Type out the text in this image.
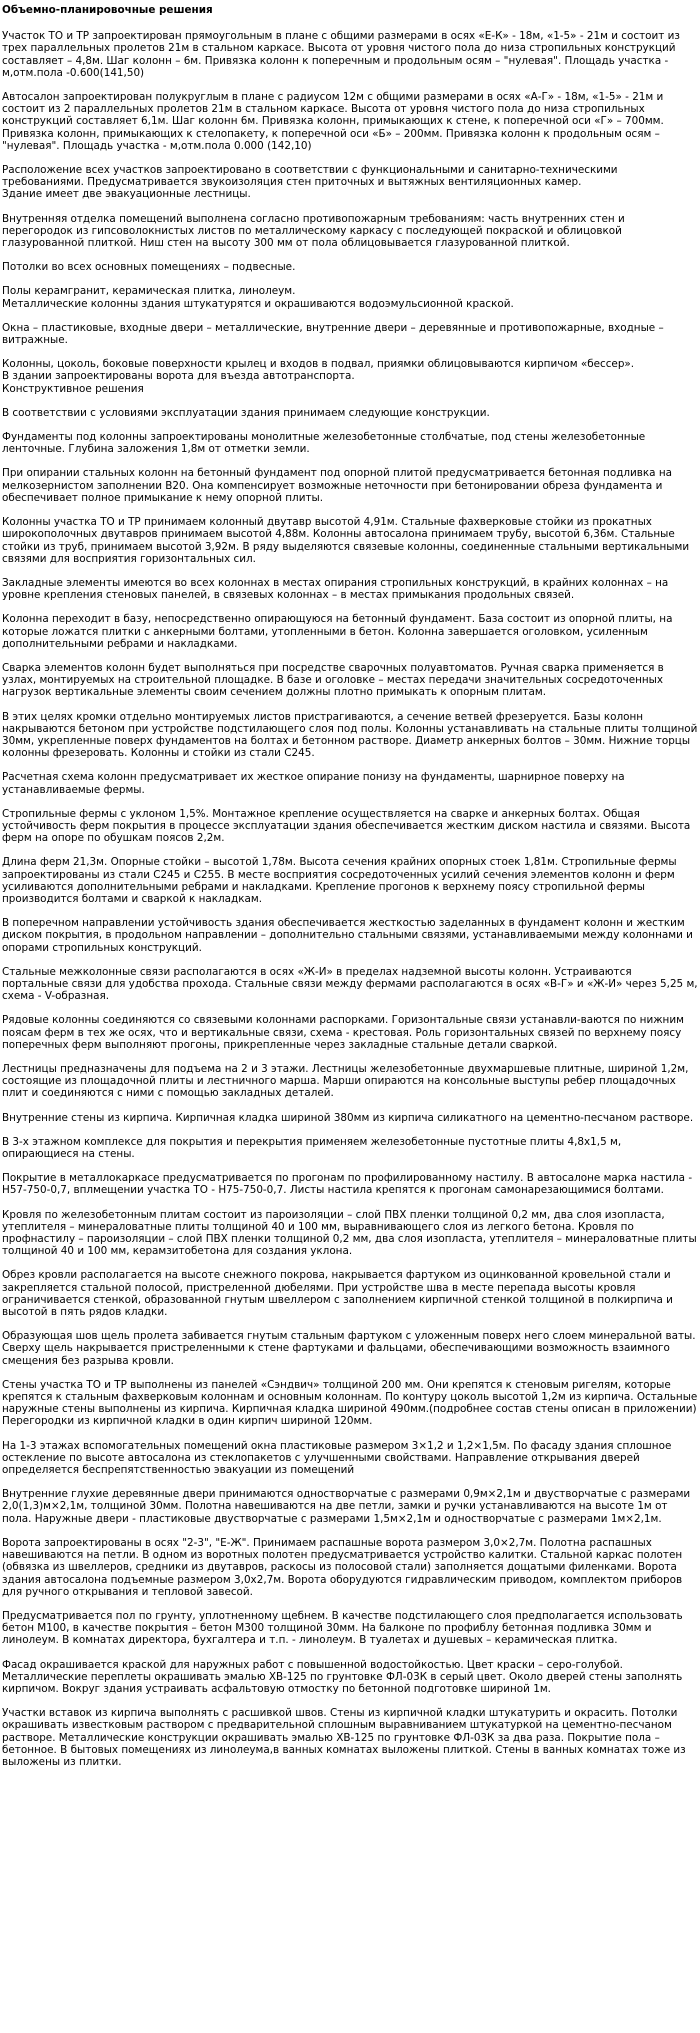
Объемно-планировочные решения

Участок ТО и ТР запроектирован прямоугольным в плане с общими размерами в осях «Е-К» - 18м, «1-5» - 21м и состоит из трех параллельных пролетов 21м в стальном каркасе. Высота от уровня чистого пола до низа стропильных конструкций составляет – 4,8м. Шаг колонн – 6м. Привязка колонн к поперечным и продольным осям – "нулевая". Площадь участка - м,отм.пола -0.600(141,50)

Автосалон запроектирован полукруглым в плане с радиусом 12м с общими размерами в осях «А-Г» - 18м, «1-5» - 21м и состоит из 2 параллельных пролетов 21м в стальном каркасе. Высота от уровня чистого пола до низа стропильных конструкций составляет 6,1м. Шаг колонн 6м. Привязка колонн, примыкающих к стене, к поперечной оси «Г» – 700мм. Привязка колонн, примыкающих к стелопакету, к поперечной оси «Б» – 200мм. Привязка колонн к продольным осям – "нулевая". Площадь участка - м,отм.пола 0.000 (142,10)

Расположение всех участков запроектировано в соответствии с функциональными и санитарно-техническими требованиями. Предусматривается звукоизоляция стен приточных и вытяжных вентиляционных камер.
Здание имеет две эвакуационные лестницы.

Внутренняя отделка помещений выполнена согласно противопожарным требованиям: часть внутренних стен и перегородок из гипсоволокнистых листов по металлическому каркасу с последующей покраской и облицовкой глазурованной плиткой. Ниш стен на высоту 300 мм от пола облицовывается глазурованной плиткой.

Потолки во всех основных помещениях – подвесные.

Полы керамгранит, керамическая плитка, линолеум.
Металлические колонны здания штукатурятся и окрашиваются водоэмульсионной краской.

Окна – пластиковые, входные двери – металлические, внутренние двери – деревянные и противопожарные, входные – витражные.

Колонны, цоколь, боковые поверхности крылец и входов в подвал, приямки облицовываются кирпичом «бессер».
В здании запроектированы ворота для въезда автотранспорта.
Конструктивное решения

В соответствии с условиями эксплуатации здания принимаем следующие конструкции.

Фундаменты под колонны запроектированы монолитные железобетонные столбчатые, под стены железобетонные ленточные. Глубина заложения 1,8м от отметки земли.

При опирании стальных колонн на бетонный фундамент под опорной плитой предусматривается бетонная подливка на мелкозернистом заполнении В20. Она компенсирует возможные неточности при бетонировании обреза фундамента и обеспечивает полное примыкание к нему опорной плиты.

Колонны участка ТО и ТР принимаем колонный двутавр высотой 4,91м. Стальные фахверковые стойки из прокатных широкополочных двутавров принимаем высотой 4,88м. Колонны автосалона принимаем трубу, высотой 6,36м. Стальные стойки из труб, принимаем высотой 3,92м. В ряду выделяются связевые колонны, соединенные стальными вертикальными связями для восприятия горизонтальных сил.

Закладные элементы имеются во всех колоннах в местах опирания стропильных конструкций, в крайних колоннах – на уровне крепления стеновых панелей, в связевых колоннах – в местах примыкания продольных связей.

Колонна переходит в базу, непосредственно опирающуюся на бетонный фундамент. База состоит из опорной плиты, на которые ложатся плитки с анкерными болтами, утопленными в бетон. Колонна завершается оголовком, усиленным дополнительными ребрами и накладками.

Сварка элементов колонн будет выполняться при посредстве сварочных полуавтоматов. Ручная сварка применяется в узлах, монтируемых на строительной площадке. В базе и оголовке – местах передачи значительных сосредоточенных нагрузок вертикальные элементы своим сечением должны плотно примыкать к опорным плитам.

В этих целях кромки отдельно монтируемых листов пристрагиваются, а сечение ветвей фрезеруется. Базы колонн накрываются бетоном при устройстве подстилающего слоя под полы. Колонны устанавливать на стальные плиты толщиной 30мм, укрепленные поверх фундаментов на болтах и бетонном растворе. Диаметр анкерных болтов – 30мм. Нижние торцы колонны фрезеровать. Колонны и стойки из стали С245.

Расчетная схема колонн предусматривает их жесткое опирание понизу на фундаменты, шарнирное поверху на устанавливаемые фермы.

Стропильные фермы с уклоном 1,5%. Монтажное крепление осуществляется на сварке и анкерных болтах. Общая устойчивость ферм покрытия в процессе эксплуатации здания обеспечивается жестким диском настила и связями. Высота ферм на опоре по обушкам поясов 2,2м.

Длина ферм 21,3м. Опорные стойки – высотой 1,78м. Высота сечения крайних опорных стоек 1,81м. Стропильные фермы запроектированы из стали С245 и С255. В месте восприятия сосредоточенных усилий сечения элементов колонн и ферм усиливаются дополнительными ребрами и накладками. Крепление прогонов к верхнему поясу стропильной фермы производится болтами и сваркой к накладкам.

В поперечном направлении устойчивость здания обеспечивается жесткостью заделанных в фундамент колонн и жестким диском покрытия, в продольном направлении – дополнительно стальными связями, устанавливаемыми между колоннами и опорами стропильных конструкций.

Стальные межколонные связи располагаются в осях «Ж-И» в пределах надземной высоты колонн. Устраиваются портальные связи для удобства прохода. Стальные связи между фермами располагаются в осях «В-Г» и «Ж-И» через 5,25 м, схема - V-образная.

Рядовые колонны соединяются со связевыми колоннами распорками. Горизонтальные связи устанавли-ваются по нижним поясам ферм в тех же осях, что и вертикальные связи, схема - крестовая. Роль горизонтальных связей по верхнему поясу поперечных ферм выполняют прогоны, прикрепленные через закладные стальные детали сваркой.

Лестницы предназначены для подъема на 2 и 3 этажи. Лестницы железобетонные двухмаршевые плитные, шириной 1,2м, состоящие из площадочной плиты и лестничного марша. Марши опираются на консольные выступы ребер площадочных плит и соединяются с ними с помощью закладных деталей.

Внутренние стены из кирпича. Кирпичная кладка шириной 380мм из кирпича силикатного на цементно-песчаном растворе.

В 3-х этажном комплексе для покрытия и перекрытия применяем железобетонные пустотные плиты 4,8х1,5 м, опирающиеся на стены.

Покрытие в металлокаркасе предусматривается по прогонам по профилированному настилу. В автосалоне марка настила - Н57-750-0,7, вплмещении участка ТО - Н75-750-0,7. Листы настила крепятся к прогонам самонарезающимися болтами.

Кровля по железобетонным плитам состоит из пароизоляции – слой ПВХ пленки толщиной 0,2 мм, два слоя изопласта, утеплителя – минераловатные плиты толщиной 40 и 100 мм, выравнивающего слоя из легкого бетона. Кровля по профнастилу – пароизоляции – слой ПВХ пленки толщиной 0,2 мм, два слоя изопласта, утеплителя – минераловатные плиты толщиной 40 и 100 мм, керамзитобетона для создания уклона.

Обрез кровли располагается на высоте снежного покрова, накрывается фартуком из оцинкованной кровельной стали и закрепляется стальной полосой, пристреленной дюбелями. При устройстве шва в месте перепада высоты кровля ограничивается стенкой, образованной гнутым швеллером с заполнением кирпичной стенкой толщиной в полкирпича и высотой в пять рядов кладки.

Образующая шов щель пролета забивается гнутым стальным фартуком с уложенным поверх него слоем минеральной ваты. Сверху щель накрывается пристреленными к стене фартуками и фальцами, обеспечивающими возможность взаимного смещения без разрыва кровли.

Стены участка ТО и ТР выполнены из панелей «Сэндвич» толщиной 200 мм. Они крепятся к стеновым ригелям, которые крепятся к стальным фахверковым колоннам и основным колоннам. По контуру цоколь высотой 1,2м из кирпича. Остальные наружные стены выполнены из кирпича. Кирпичная кладка шириной 490мм.(подробнее состав стены описан в приложении) Перегородки из кирпичной кладки в один кирпич шириной 120мм.

На 1-3 этажах вспомогательных помещений окна пластиковые размером 3×1,2 и 1,2×1,5м. По фасаду здания сплошное остекление по высоте автосалона из стеклопакетов с улучшенными свойствами. Направление открывания дверей определяется беспрепятственностью эвакуации из помещений

Внутренние глухие деревянные двери принимаются одностворчатые с размерами 0,9м×2,1м и двустворчатые с размерами 2,0(1,3)м×2,1м, толщиной 30мм. Полотна навешиваются на две петли, замки и ручки устанавливаются на высоте 1м от пола. Наружные двери - пластиковые двустворчатые с размерами 1,5м×2,1м и одностворчатые с размерами 1м×2,1м.

Ворота запроектированы в осях "2-3", "Е-Ж". Принимаем распашные ворота размером 3,0×2,7м. Полотна распашных навешиваются на петли. В одном из воротных полотен предусматривается устройство калитки. Стальной каркас полотен (обвязка из швеллеров, средники из двутавров, раскосы из полосовой стали) заполняется дощатыми филенками. Ворота здания автосалона подъемные размером 3,0х2,7м. Ворота оборудуются гидравлическим приводом, комплектом приборов для ручного открывания и тепловой завесой.

Предусматривается пол по грунту, уплотненному щебнем. В качестве подстилающего слоя предполагается использовать бетон М100, в качестве покрытия – бетон М300 толщиной 30мм. На балконе по профиблу бетонная подливка 30мм и линолеум. В комнатах директора, бухгалтера и т.п. - линолеум. В туалетах и душевых – керамическая плитка.

Фасад окрашивается краской для наружных работ с повышенной водостойкостью. Цвет краски – серо-голубой. Металлические переплеты окрашивать эмалью ХВ-125 по грунтовке ФЛ-03К в серый цвет. Около дверей стены заполнять кирпичом. Вокруг здания устраивать асфальтовую отмостку по бетонной подготовке шириной 1м.

Участки вставок из кирпича выполнять с расшивкой швов. Стены из кирпичной кладки штукатурить и окрасить. Потолки окрашивать известковым раствором с предварительной сплошным выравниванием штукатуркой на цементно-песчаном растворе. Металлические конструкции окрашивать эмалью ХВ-125 по грунтовке ФЛ-03К за два раза. Покрытие пола – бетонное. В бытовых помещениях из линолеума,в ванных комнатах выложены плиткой. Стены в ванных комнатах тоже из выложены из плитки.
